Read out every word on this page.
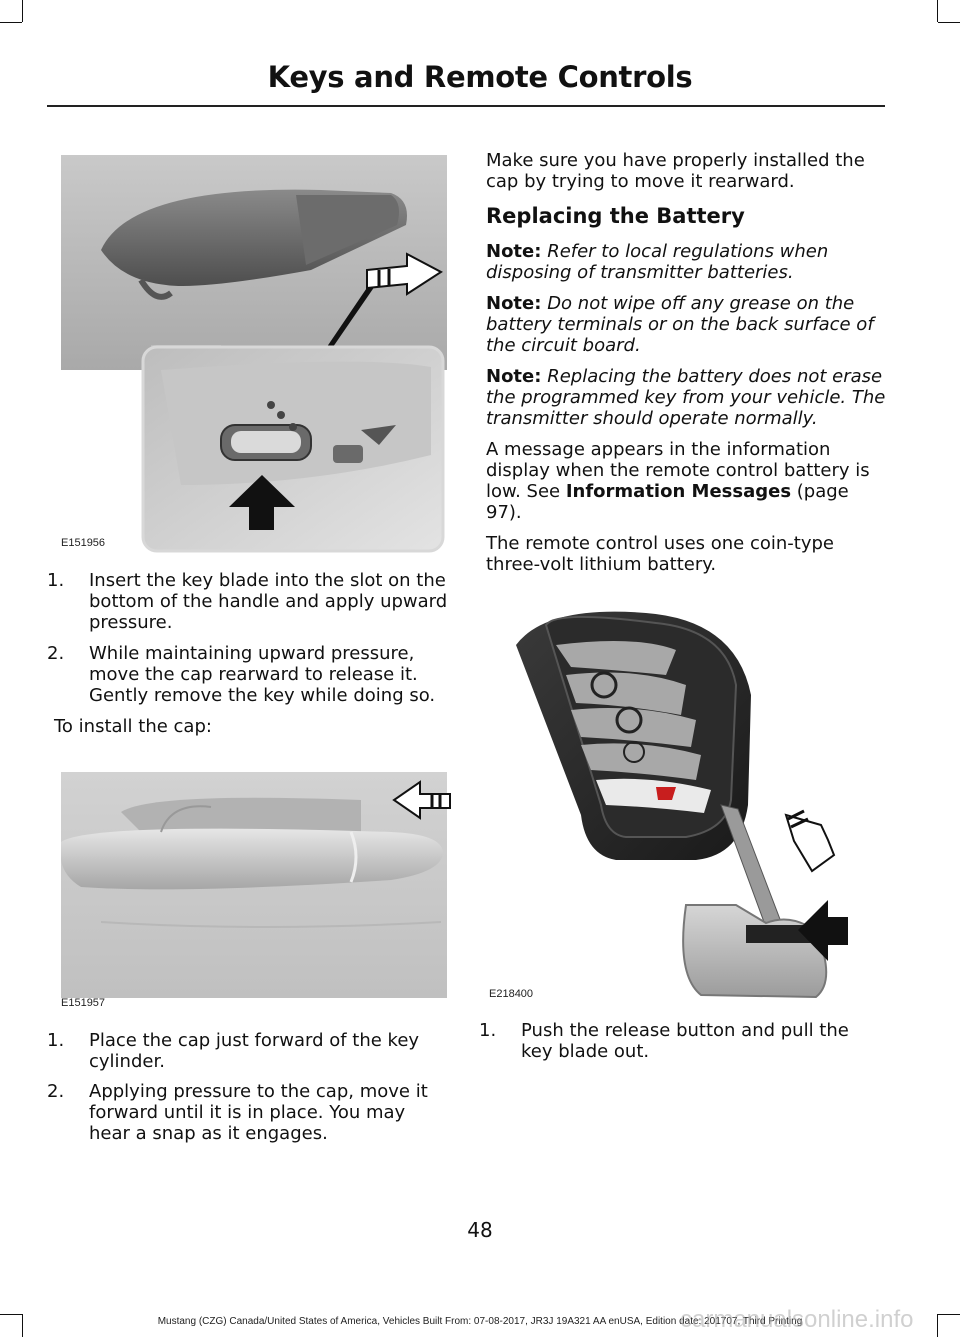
Keys and Remote Controls
E151956
1. Insert the key blade into the slot on the bottom of the handle and apply upward pressure.
2. While maintaining upward pressure, move the cap rearward to release it. Gently remove the key while doing so.
To install the cap:
E151957
1. Place the cap just forward of the key cylinder.
2. Applying pressure to the cap, move it forward until it is in place. You may hear a snap as it engages.

Make sure you have properly installed the cap by trying to move it rearward.

Replacing the Battery

Note: Refer to local regulations when disposing of transmitter batteries.

Note: Do not wipe off any grease on the battery terminals or on the back surface of the circuit board.

Note: Replacing the battery does not erase the programmed key from your vehicle. The transmitter should operate normally.

A message appears in the information display when the remote control battery is low. See Information Messages (page 97).

The remote control uses one coin-type three-volt lithium battery.

E218400
1. Push the release button and pull the key blade out.
48
Mustang (CZG) Canada/United States of America, Vehicles Built From: 07-08-2017, JR3J 19A321 AA enUSA, Edition date: 201707, Third Printing
carmanualsonline.info
